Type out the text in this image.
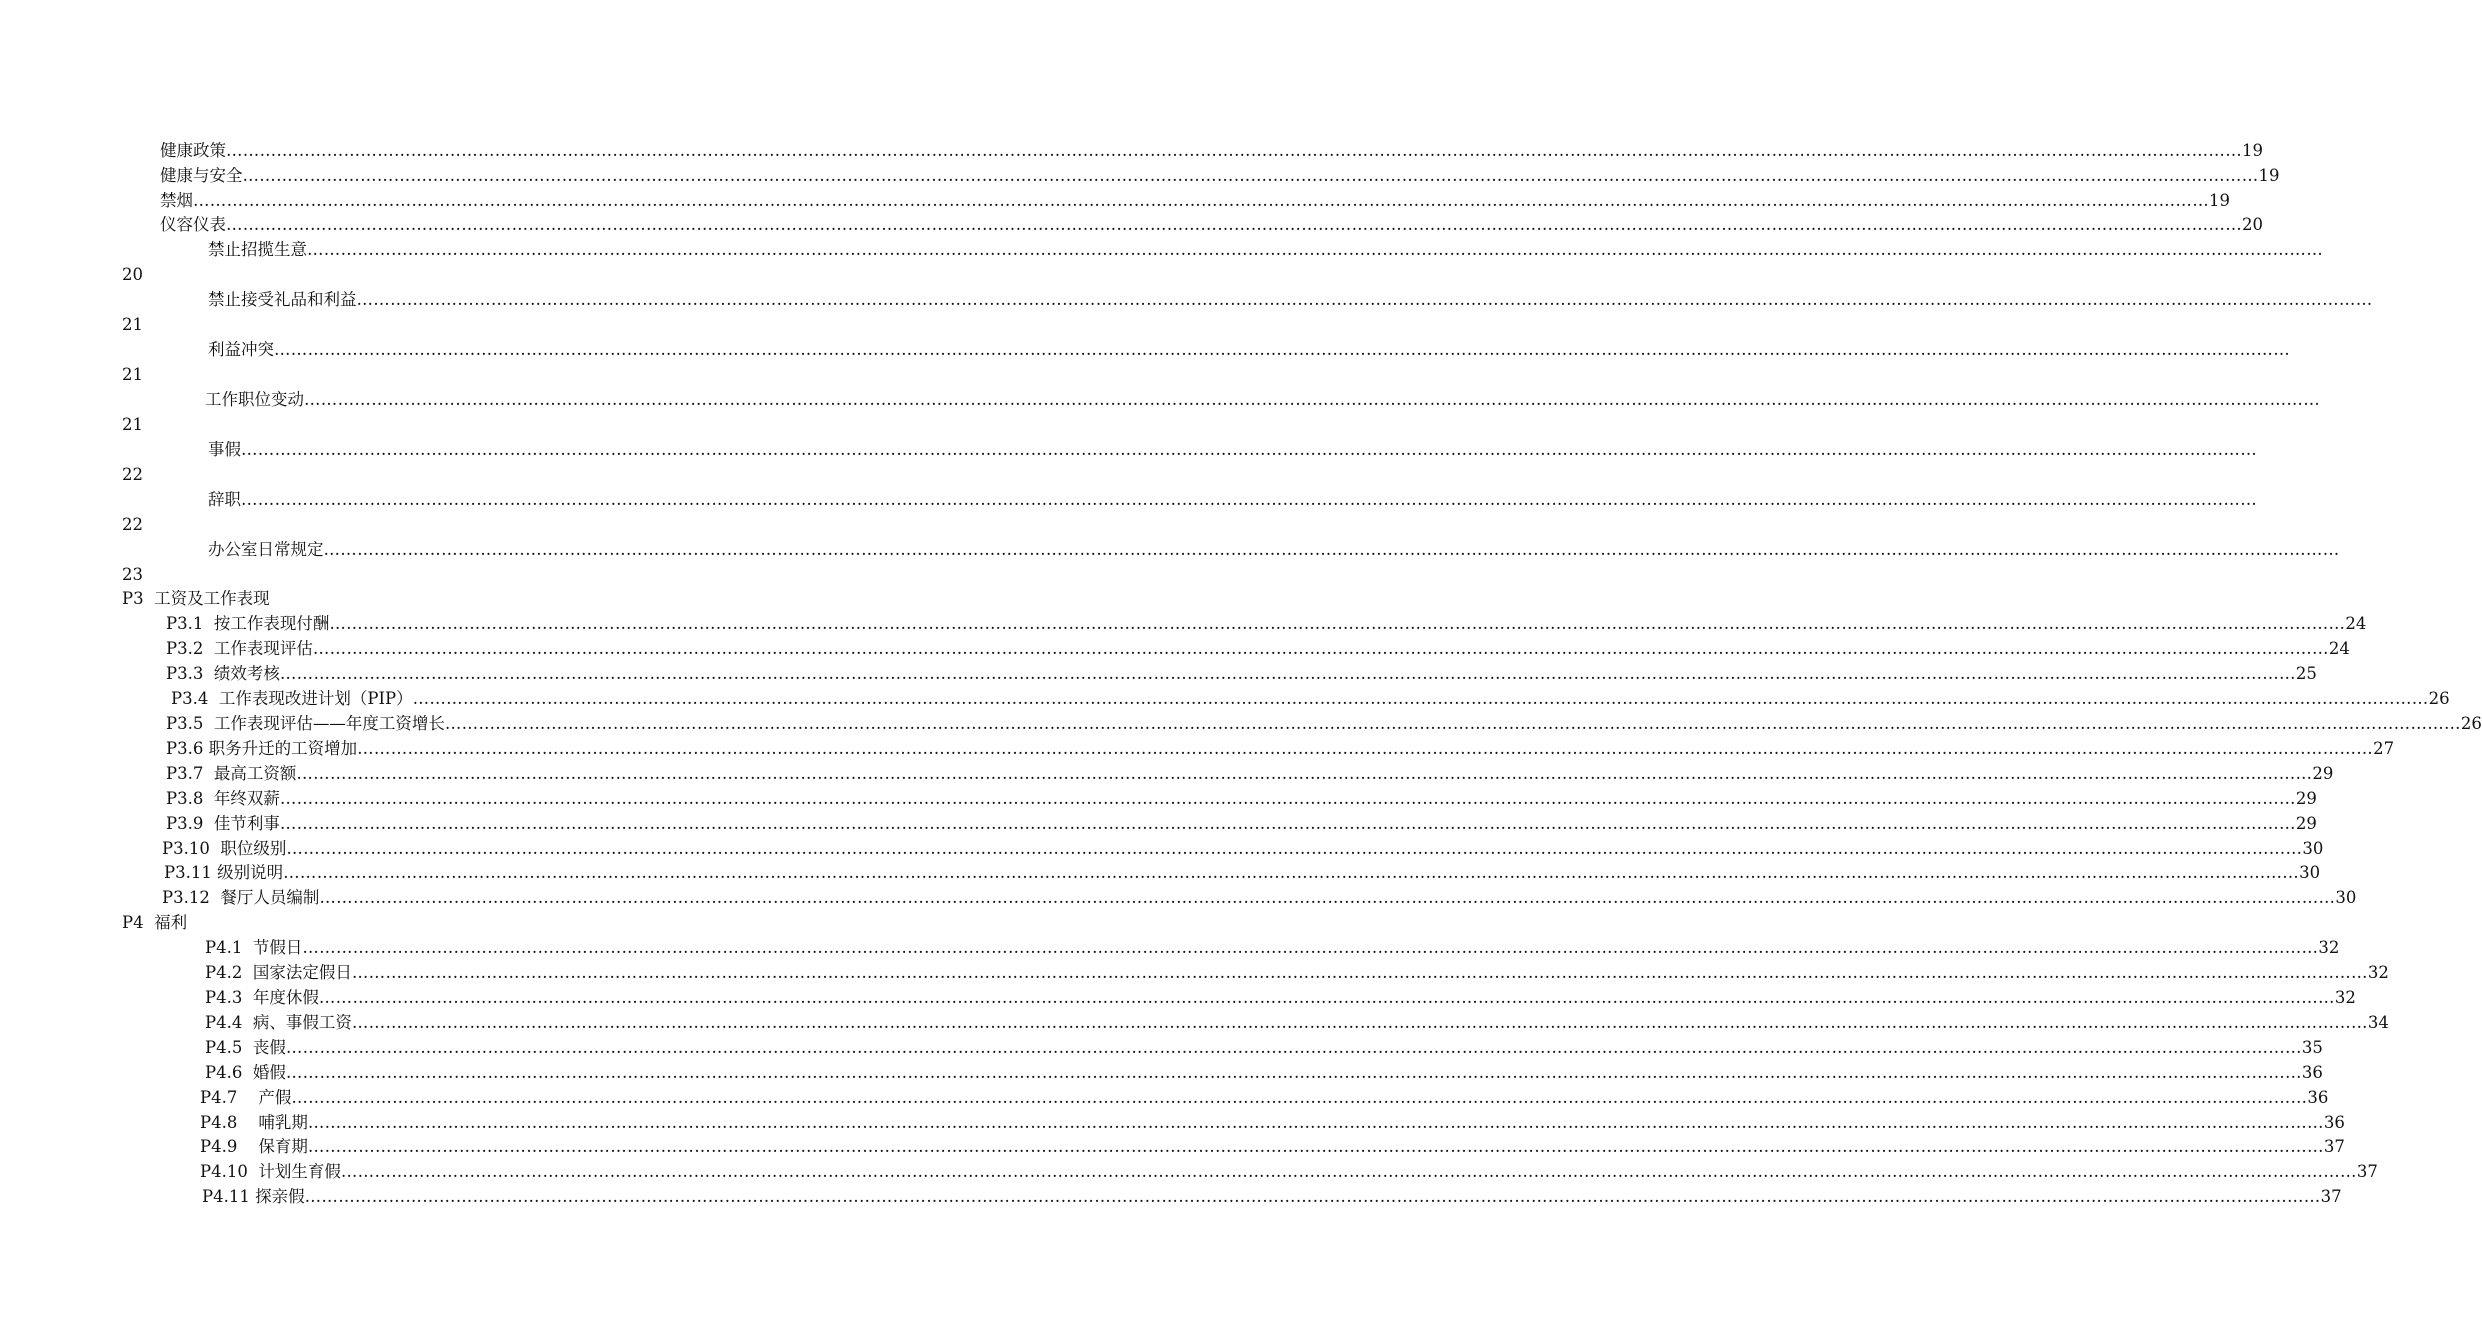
健康政策 ……………………………………………………………………………………………………………………………………………………………………………………………………………………………………………………………………………………………………………………………… 19
健康与安全 ……………………………………………………………………………………………………………………………………………………………………………………………………………………………………………………………………………………………………………………………… 19
禁烟 ……………………………………………………………………………………………………………………………………………………………………………………………………………………………………………………………………………………………………………………………… 19
仪容仪表 ……………………………………………………………………………………………………………………………………………………………………………………………………………………………………………………………………………………………………………………………… 20
禁止招揽生意 ………………………………………………………………………………………………………………………………………………………………………………………………………………………………………………………………………………………………………………………………
20
禁止接受礼品和利益 ………………………………………………………………………………………………………………………………………………………………………………………………………………………………………………………………………………………………………………………………
21
利益冲突 ………………………………………………………………………………………………………………………………………………………………………………………………………………………………………………………………………………………………………………………………
21
工作职位变动 ………………………………………………………………………………………………………………………………………………………………………………………………………………………………………………………………………………………………………………………………
21
事假 ………………………………………………………………………………………………………………………………………………………………………………………………………………………………………………………………………………………………………………………………
22
辞职 ………………………………………………………………………………………………………………………………………………………………………………………………………………………………………………………………………………………………………………………………
22
办公室日常规定 ………………………………………………………………………………………………………………………………………………………………………………………………………………………………………………………………………………………………………………………………
23
P3 工资及工作表现
P3.1 按工作表现付酬 ……………………………………………………………………………………………………………………………………………………………………………………………………………………………………………………………………………………………………………………………… 24
P3.2 工作表现评估 ……………………………………………………………………………………………………………………………………………………………………………………………………………………………………………………………………………………………………………………………… 24
P3.3 绩效考核 ……………………………………………………………………………………………………………………………………………………………………………………………………………………………………………………………………………………………………………………………… 25
P3.4 工作表现改进计划（PIP） ……………………………………………………………………………………………………………………………………………………………………………………………………………………………………………………………………………………………………………………………… 26
P3.5 工作表现评估——年度工资增长 ……………………………………………………………………………………………………………………………………………………………………………………………………………………………………………………………………………………………………………………………… 26
P3.6 职务升迁的工资增加 ……………………………………………………………………………………………………………………………………………………………………………………………………………………………………………………………………………………………………………………………… 27
P3.7 最高工资额 ……………………………………………………………………………………………………………………………………………………………………………………………………………………………………………………………………………………………………………………………… 29
P3.8 年终双薪 ……………………………………………………………………………………………………………………………………………………………………………………………………………………………………………………………………………………………………………………………… 29
P3.9 佳节利事 ……………………………………………………………………………………………………………………………………………………………………………………………………………………………………………………………………………………………………………………………… 29
P3.10 职位级别 ……………………………………………………………………………………………………………………………………………………………………………………………………………………………………………………………………………………………………………………………… 30
P3.11 级别说明 ……………………………………………………………………………………………………………………………………………………………………………………………………………………………………………………………………………………………………………………………… 30
P3.12 餐厅人员编制 ……………………………………………………………………………………………………………………………………………………………………………………………………………………………………………………………………………………………………………………………… 30
P4 福利
P4.1 节假日 ……………………………………………………………………………………………………………………………………………………………………………………………………………………………………………………………………………………………………………………………… 32
P4.2 国家法定假日 ……………………………………………………………………………………………………………………………………………………………………………………………………………………………………………………………………………………………………………………………… 32
P4.3 年度休假 ……………………………………………………………………………………………………………………………………………………………………………………………………………………………………………………………………………………………………………………………… 32
P4.4 病、事假工资 ……………………………………………………………………………………………………………………………………………………………………………………………………………………………………………………………………………………………………………………………… 34
P4.5 丧假 ……………………………………………………………………………………………………………………………………………………………………………………………………………………………………………………………………………………………………………………………… 35
P4.6 婚假 ……………………………………………………………………………………………………………………………………………………………………………………………………………………………………………………………………………………………………………………………… 36
P4.7 产假 ……………………………………………………………………………………………………………………………………………………………………………………………………………………………………………………………………………………………………………………………… 36
P4.8 哺乳期 ……………………………………………………………………………………………………………………………………………………………………………………………………………………………………………………………………………………………………………………………… 36
P4.9 保育期 ……………………………………………………………………………………………………………………………………………………………………………………………………………………………………………………………………………………………………………………………… 37
P4.10 计划生育假 ……………………………………………………………………………………………………………………………………………………………………………………………………………………………………………………………………………………………………………………………… 37
P4.11 探亲假 ……………………………………………………………………………………………………………………………………………………………………………………………………………………………………………………………………………………………………………………………… 37
